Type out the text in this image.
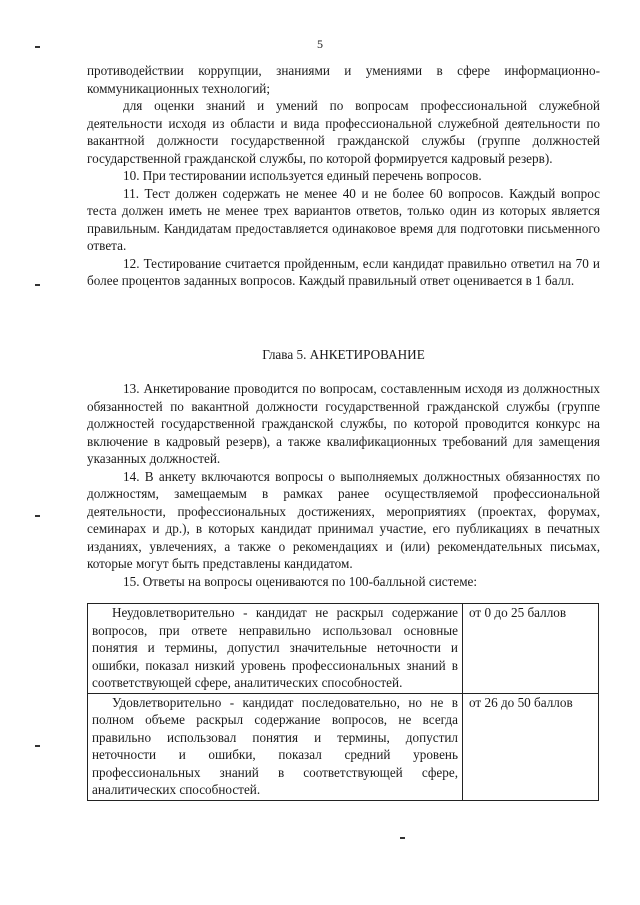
5

противодействии коррупции, знаниями и умениями в сфере информационно-коммуникационных технологий;

для оценки знаний и умений по вопросам профессиональной служебной деятельности исходя из области и вида профессиональной служебной деятельности по вакантной должности государственной гражданской службы (группе должностей государственной гражданской службы, по которой формируется кадровый резерв).

10. При тестировании используется единый перечень вопросов.

11. Тест должен содержать не менее 40 и не более 60 вопросов. Каждый вопрос теста должен иметь не менее трех вариантов ответов, только один из которых является правильным. Кандидатам предоставляется одинаковое время для подготовки письменного ответа.

12. Тестирование считается пройденным, если кандидат правильно ответил на 70 и более процентов заданных вопросов. Каждый правильный ответ оценивается в 1 балл.

Глава 5. АНКЕТИРОВАНИЕ

13. Анкетирование проводится по вопросам, составленным исходя из должностных обязанностей по вакантной должности государственной гражданской службы (группе должностей государственной гражданской службы, по которой проводится конкурс на включение в кадровый резерв), а также квалификационных требований для замещения указанных должностей.

14. В анкету включаются вопросы о выполняемых должностных обязанностях по должностям, замещаемым в рамках ранее осуществляемой профессиональной деятельности, профессиональных достижениях, мероприятиях (проектах, форумах, семинарах и др.), в которых кандидат принимал участие, его публикациях в печатных изданиях, увлечениях, а также о рекомендациях и (или) рекомендательных письмах, которые могут быть представлены кандидатом.

15. Ответы на вопросы оцениваются по 100-балльной системе:

Неудовлетворительно - кандидат не раскрыл содержание вопросов, при ответе неправильно использовал основные понятия и термины, допустил значительные неточности и ошибки, показал низкий уровень профессиональных знаний в соответствующей сфере, аналитических способностей.	от 0 до 25 баллов

Удовлетворительно - кандидат последовательно, но не в полном объеме раскрыл содержание вопросов, не всегда правильно использовал понятия и термины, допустил неточности и ошибки, показал средний уровень профессиональных знаний в соответствующей сфере, аналитических способностей.	от 26 до 50 баллов
